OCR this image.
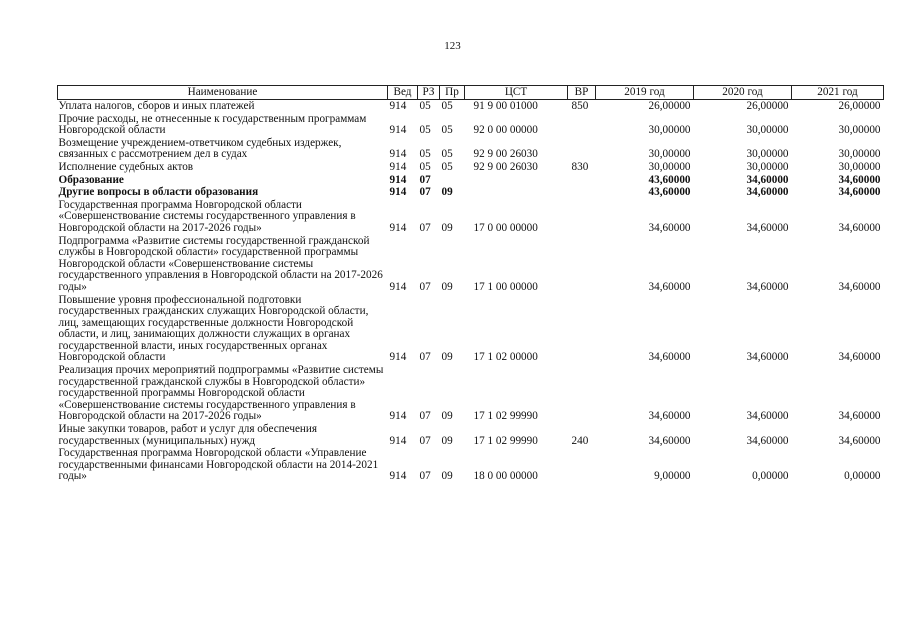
123
Наименование	Вед	РЗ	Пр	ЦСТ	ВР	2019 год	2020 год	2021 год
Уплата налогов, сборов и иных платежей	914	05	05	91 9 00 01000	850	26,00000	26,00000	26,00000
Прочие расходы, не отнесенные к государственным программам Новгородской области	914	05	05	92 0 00 00000		30,00000	30,00000	30,00000
Возмещение учреждением-ответчиком судебных издержек, связанных с рассмотрением дел в судах	914	05	05	92 9 00 26030		30,00000	30,00000	30,00000
Исполнение судебных актов	914	05	05	92 9 00 26030	830	30,00000	30,00000	30,00000
Образование	914	07				43,60000	34,60000	34,60000
Другие вопросы в области образования	914	07	09			43,60000	34,60000	34,60000
Государственная программа Новгородской области «Совершенствование системы государственного управления в Новгородской области на 2017-2026 годы»	914	07	09	17 0 00 00000		34,60000	34,60000	34,60000
Подпрограмма «Развитие системы государственной гражданской службы в Новгородской области» государственной программы Новгородской области «Совершенствование системы государственного управления в Новгородской области на 2017-2026 годы»	914	07	09	17 1 00 00000		34,60000	34,60000	34,60000
Повышение уровня профессиональной подготовки государственных гражданских служащих Новгородской области, лиц, замещающих государственные должности Новгородской области, и лиц, занимающих должности служащих в органах государственной власти, иных государственных органах Новгородской области	914	07	09	17 1 02 00000		34,60000	34,60000	34,60000
Реализация прочих мероприятий подпрограммы «Развитие системы государственной гражданской службы в Новгородской области» государственной программы Новгородской области «Совершенствование системы государственного управления в Новгородской области на 2017-2026 годы»	914	07	09	17 1 02 99990		34,60000	34,60000	34,60000
Иные закупки товаров, работ и услуг для обеспечения государственных (муниципальных) нужд	914	07	09	17 1 02 99990	240	34,60000	34,60000	34,60000
Государственная программа Новгородской области «Управление государственными финансами Новгородской области на 2014-2021 годы»	914	07	09	18 0 00 00000		9,00000	0,00000	0,00000
